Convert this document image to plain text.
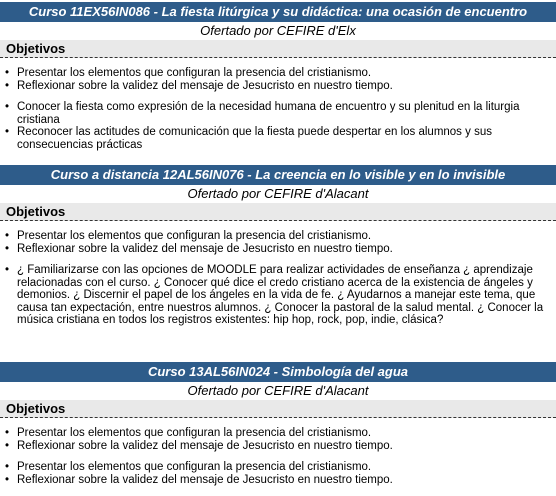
Curso 11EX56IN086 - La fiesta litúrgica y su didáctica: una ocasión de encuentro
Ofertado por CEFIRE d'Elx
Objetivos
• Presentar los elementos que configuran la presencia del cristianismo.
• Reflexionar sobre la validez del mensaje de Jesucristo en nuestro tiempo.
• Conocer la fiesta como expresión de la necesidad humana de encuentro y su plenitud en la liturgia cristiana
• Reconocer las actitudes de comunicación que la fiesta puede despertar en los alumnos y sus consecuencias prácticas
Curso a distancia 12AL56IN076 - La creencia en lo visible y en lo invisible
Ofertado por CEFIRE d'Alacant
Objetivos
• Presentar los elementos que configuran la presencia del cristianismo.
• Reflexionar sobre la validez del mensaje de Jesucristo en nuestro tiempo.
• ¿ Familiarizarse con las opciones de MOODLE para realizar actividades de enseñanza ¿ aprendizaje relacionadas con el curso. ¿ Conocer qué dice el credo cristiano acerca de la existencia de ángeles y demonios. ¿ Discernir el papel de los ángeles en la vida de fe. ¿ Ayudarnos a manejar este tema, que causa tan expectación, entre nuestros alumnos. ¿ Conocer la pastoral de la salud mental. ¿ Conocer la música cristiana en todos los registros existentes: hip hop, rock, pop, indie, clásica?
Curso 13AL56IN024 - Simbología del agua
Ofertado por CEFIRE d'Alacant
Objetivos
• Presentar los elementos que configuran la presencia del cristianismo.
• Reflexionar sobre la validez del mensaje de Jesucristo en nuestro tiempo.
• Presentar los elementos que configuran la presencia del cristianismo.
• Reflexionar sobre la validez del mensaje de Jesucristo en nuestro tiempo.
